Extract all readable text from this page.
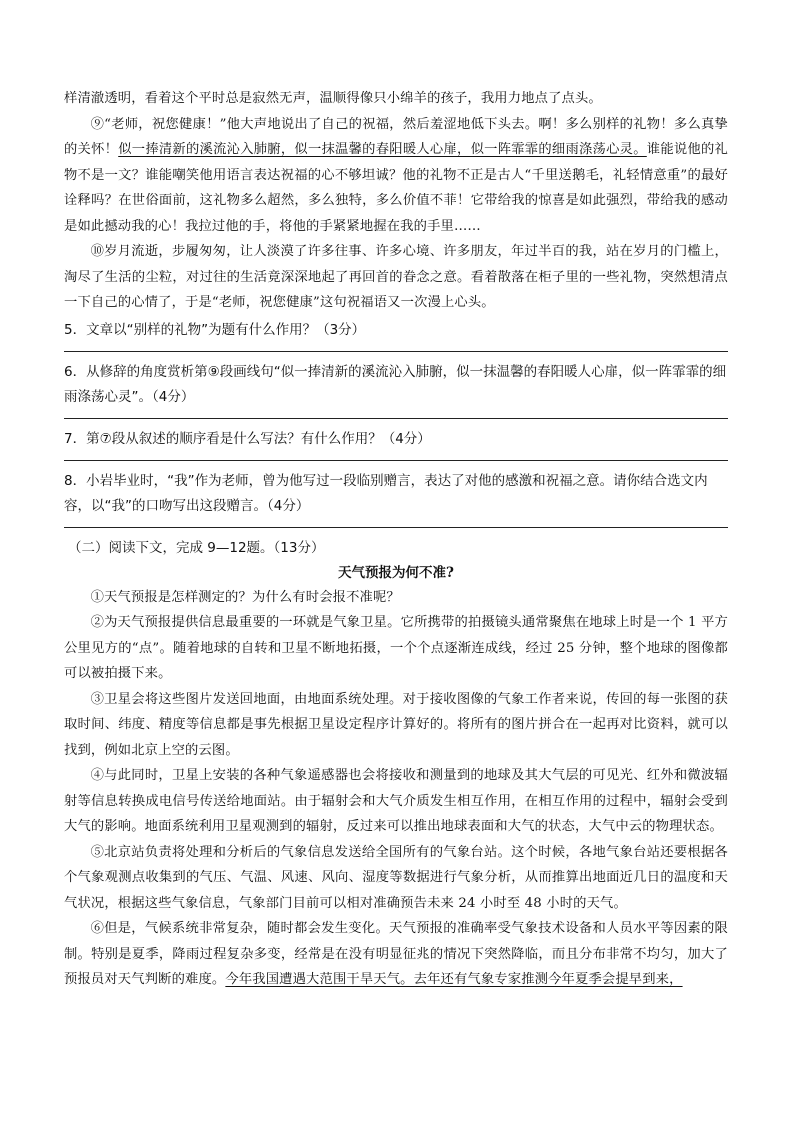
样清澈透明，看着这个平时总是寂然无声，温顺得像只小绵羊的孩子，我用力地点了点头。

⑨“老师，祝您健康！”他大声地说出了自己的祝福，然后羞涩地低下头去。啊！多么别样的礼物！多么真挚的关怀！似一捧清新的溪流沁入肺腑，似一抹温馨的春阳暖人心扉，似一阵霏霏的细雨涤荡心灵。谁能说他的礼物不是一文？谁能嘲笑他用语言表达祝福的心不够坦诚？他的礼物不正是古人“千里送鹅毛，礼轻情意重”的最好诠释吗？在世俗面前，这礼物多么超然，多么独特，多么价值不菲！它带给我的惊喜是如此强烈，带给我的感动是如此撼动我的心！我拉过他的手，将他的手紧紧地握在我的手里……

⑩岁月流逝，步履匆匆，让人淡漠了许多往事、许多心境、许多朋友，年过半百的我，站在岁月的门槛上，淘尽了生活的尘粒，对过往的生活竟深深地起了再回首的眷念之意。看着散落在柜子里的一些礼物，突然想清点一下自己的心情了，于是“老师，祝您健康”这句祝福语又一次漫上心头。

5．文章以“别样的礼物”为题有什么作用？（3分）

6．从修辞的角度赏析第⑨段画线句“似一捧清新的溪流沁入肺腑，似一抹温馨的春阳暖人心扉，似一阵霏霏的细雨涤荡心灵”。（4分）

7．第⑦段从叙述的顺序看是什么写法？有什么作用？（4分）

8．小岩毕业时，“我”作为老师，曾为他写过一段临别赠言，表达了对他的感激和祝福之意。请你结合选文内容，以“我”的口吻写出这段赠言。（4分）

（二）阅读下文，完成 9—12题。（13分）

天气预报为何不准?

①天气预报是怎样测定的？为什么有时会报不准呢？

②为天气预报提供信息最重要的一环就是气象卫星。它所携带的拍摄镜头通常聚焦在地球上时是一个 1 平方公里见方的“点”。随着地球的自转和卫星不断地拓摄，一个个点逐渐连成线，经过 25 分钟，整个地球的图像都可以被拍摄下来。

③卫星会将这些图片发送回地面，由地面系统处理。对于接收图像的气象工作者来说，传回的每一张图的获取时间、纬度、精度等信息都是事先根据卫星设定程序计算好的。将所有的图片拼合在一起再对比资料，就可以找到，例如北京上空的云图。

④与此同时，卫星上安装的各种气象遥感器也会将接收和测量到的地球及其大气层的可见光、红外和微波辐射等信息转换成电信号传送给地面站。由于辐射会和大气介质发生相互作用，在相互作用的过程中，辐射会受到大气的影响。地面系统利用卫星观测到的辐射，反过来可以推出地球表面和大气的状态，大气中云的物理状态。

⑤北京站负责将处理和分析后的气象信息发送给全国所有的气象台站。这个时候，各地气象台站还要根据各个气象观测点收集到的气压、气温、风速、风向、湿度等数据进行气象分析，从而推算出地面近几日的温度和天气状况，根据这些气象信息，气象部门目前可以相对准确预告未来 24 小时至 48 小时的天气。

⑥但是，气候系统非常复杂，随时都会发生变化。天气预报的准确率受气象技术设备和人员水平等因素的限制。特别是夏季，降雨过程复杂多变，经常是在没有明显征兆的情况下突然降临，而且分布非常不均匀，加大了预报员对天气判断的难度。今年我国遭遇大范围干旱天气。去年还有气象专家推测今年夏季会提早到来，
